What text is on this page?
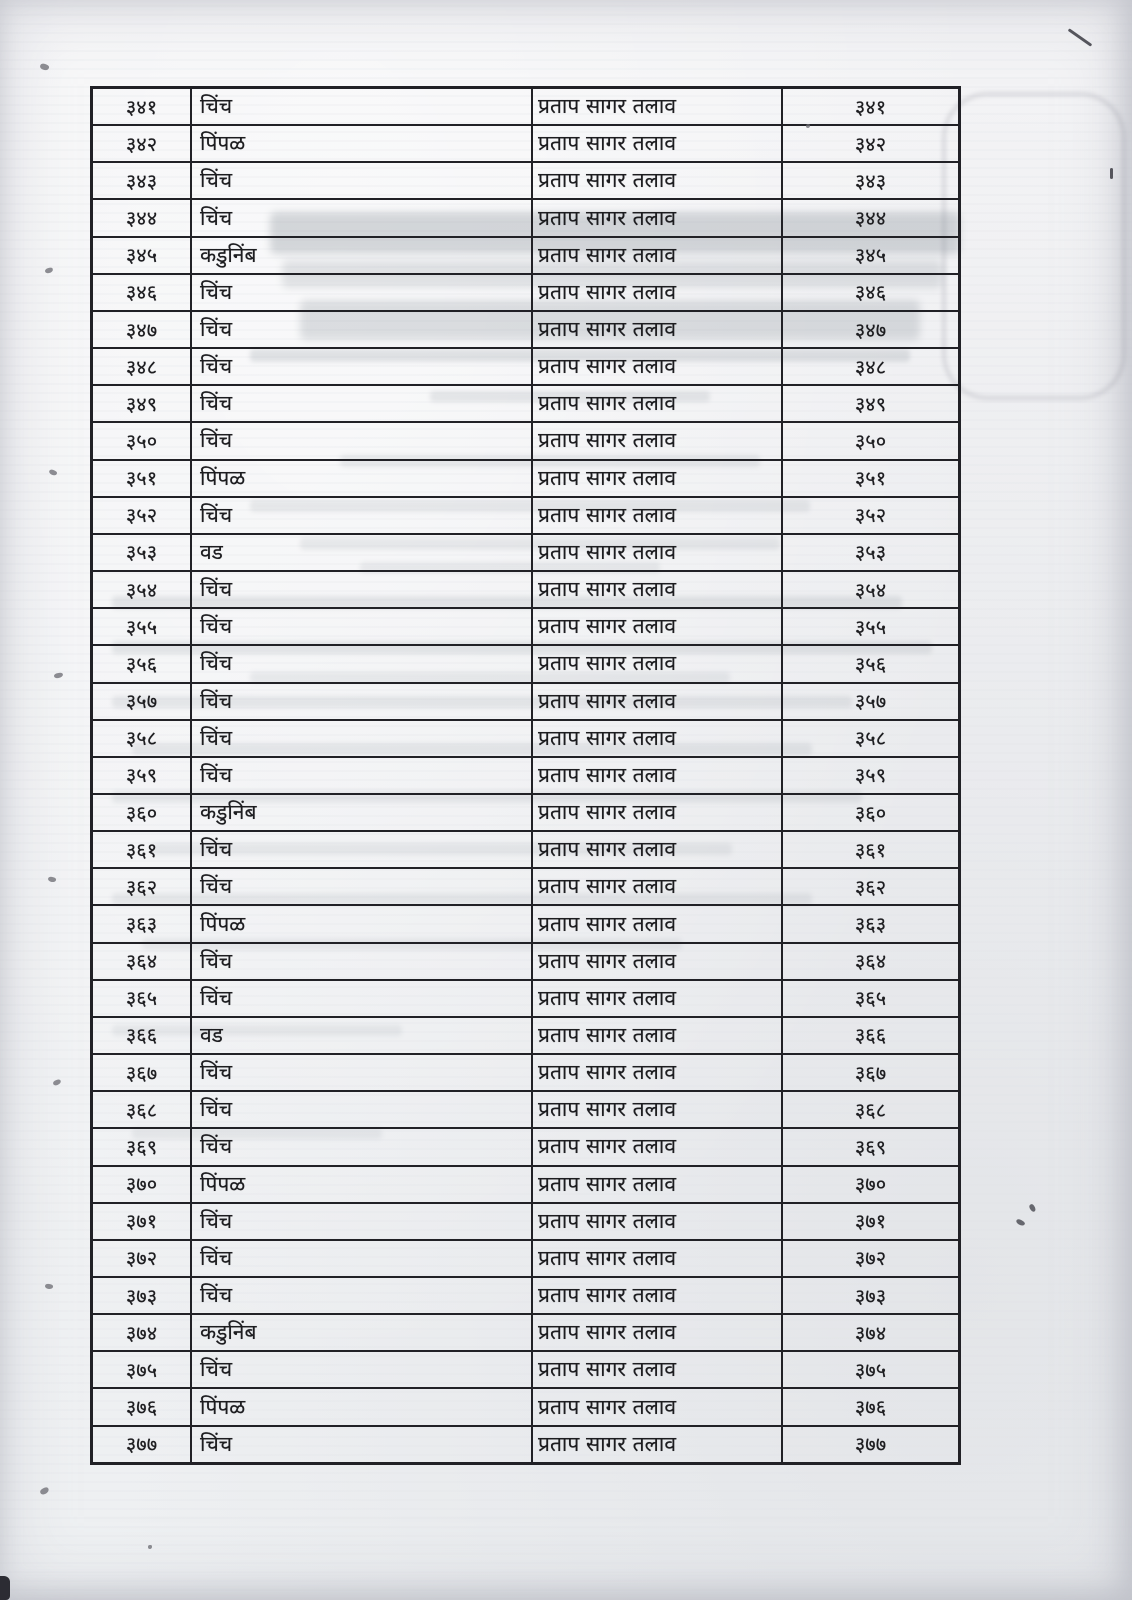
३४१	चिंच	प्रताप सागर तलाव	३४१
३४२	पिंपळ	प्रताप सागर तलाव	३४२
३४३	चिंच	प्रताप सागर तलाव	३४३
३४४	चिंच	प्रताप सागर तलाव	३४४
३४५	कडुनिंब	प्रताप सागर तलाव	३४५
३४६	चिंच	प्रताप सागर तलाव	३४६
३४७	चिंच	प्रताप सागर तलाव	३४७
३४८	चिंच	प्रताप सागर तलाव	३४८
३४९	चिंच	प्रताप सागर तलाव	३४९
३५०	चिंच	प्रताप सागर तलाव	३५०
३५१	पिंपळ	प्रताप सागर तलाव	३५१
३५२	चिंच	प्रताप सागर तलाव	३५२
३५३	वड	प्रताप सागर तलाव	३५३
३५४	चिंच	प्रताप सागर तलाव	३५४
३५५	चिंच	प्रताप सागर तलाव	३५५
३५६	चिंच	प्रताप सागर तलाव	३५६
३५७	चिंच	प्रताप सागर तलाव	३५७
३५८	चिंच	प्रताप सागर तलाव	३५८
३५९	चिंच	प्रताप सागर तलाव	३५९
३६०	कडुनिंब	प्रताप सागर तलाव	३६०
३६१	चिंच	प्रताप सागर तलाव	३६१
३६२	चिंच	प्रताप सागर तलाव	३६२
३६३	पिंपळ	प्रताप सागर तलाव	३६३
३६४	चिंच	प्रताप सागर तलाव	३६४
३६५	चिंच	प्रताप सागर तलाव	३६५
३६६	वड	प्रताप सागर तलाव	३६६
३६७	चिंच	प्रताप सागर तलाव	३६७
३६८	चिंच	प्रताप सागर तलाव	३६८
३६९	चिंच	प्रताप सागर तलाव	३६९
३७०	पिंपळ	प्रताप सागर तलाव	३७०
३७१	चिंच	प्रताप सागर तलाव	३७१
३७२	चिंच	प्रताप सागर तलाव	३७२
३७३	चिंच	प्रताप सागर तलाव	३७३
३७४	कडुनिंब	प्रताप सागर तलाव	३७४
३७५	चिंच	प्रताप सागर तलाव	३७५
३७६	पिंपळ	प्रताप सागर तलाव	३७६
३७७	चिंच	प्रताप सागर तलाव	३७७
